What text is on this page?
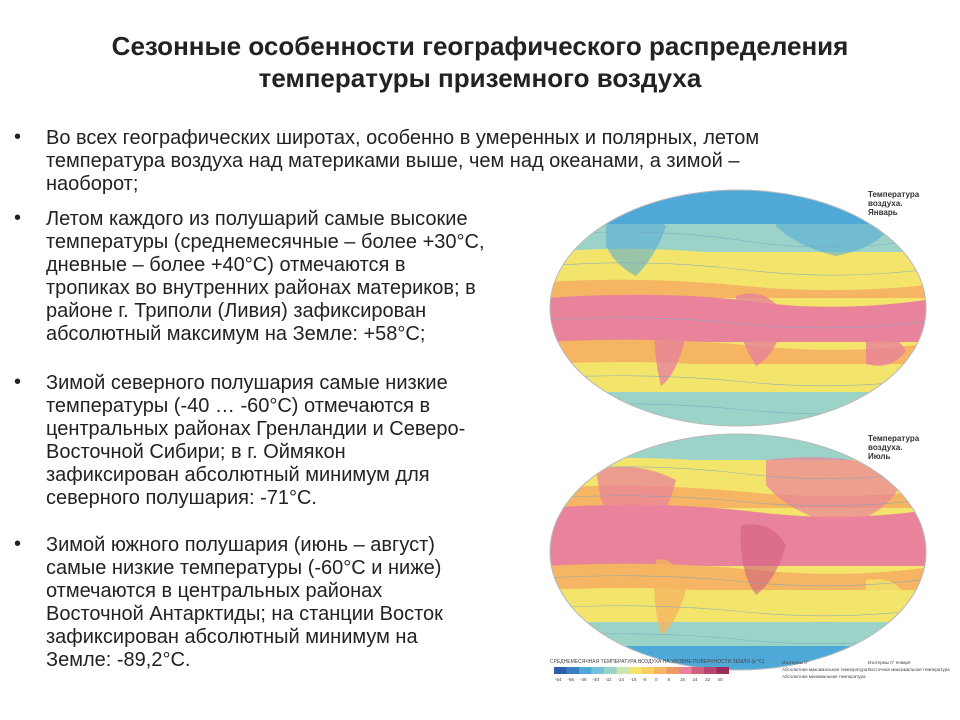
Сезонные особенности географического распределения
температуры приземного воздуха
• Во всех географических широтах, особенно в умеренных и полярных, летом
температура воздуха над материками выше, чем над океанами, а зимой –
наоборот;
• Летом каждого из полушарий самые высокие
температуры (среднемесячные – более +30°С,
дневные – более +40°С) отмечаются в
тропиках во внутренних районах материков; в
районе г. Триполи (Ливия) зафиксирован
абсолютный максимум на Земле: +58°С;
• Зимой северного полушария самые низкие
температуры (-40 … -60°С) отмечаются в
центральных районах Гренландии и Северо-
Восточной Сибири; в г. Оймякон
зафиксирован абсолютный минимум для
северного полушария: -71°С.
• Зимой южного полушария (июнь – август)
самые низкие температуры (-60°С и ниже)
отмечаются в центральных районах
Восточной Антарктиды; на станции Восток
зафиксирован абсолютный минимум на
Земле: -89,2°С.
Температура воздуха.
Январь
Температура воздуха.
Июль
СРЕДНЕМЕСЯЧНАЯ ТЕМПЕРАТУРА ВОЗДУХА НА УРОВНЕ ПОВЕРХНОСТИ ЗЕМЛИ (в °С)
-64 -56 -48 -40 -32 -24 -16 -8 0 8 16 24 32 40
Изотермы 0°
Абсолютная максимальная температура
Абсолютная минимальная температура
Изотермы 0° января
Восточная максимальная температура
